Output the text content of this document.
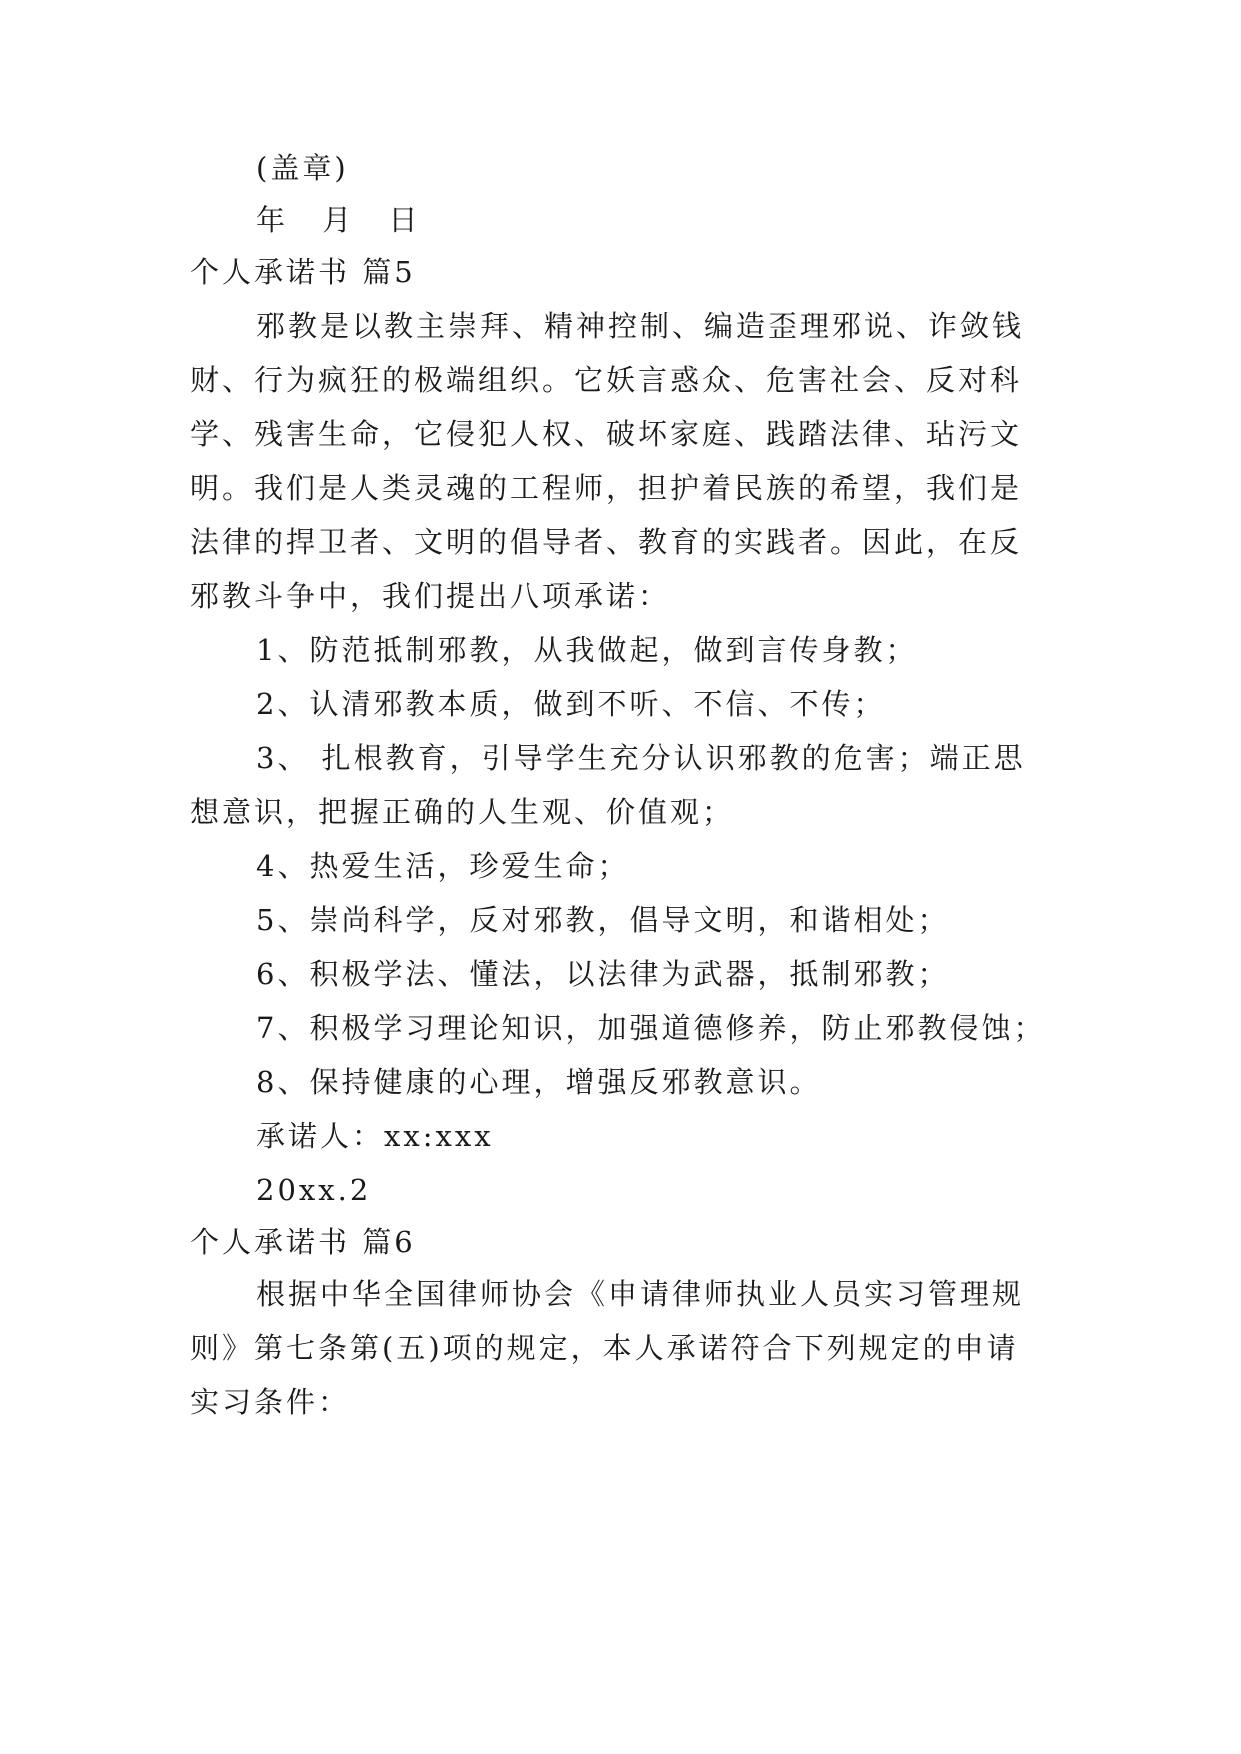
(盖章)
年 月 日
个人承诺书 篇5
邪教是以教主崇拜、精神控制、编造歪理邪说、诈敛钱
财、行为疯狂的极端组织。它妖言惑众、危害社会、反对科
学、残害生命，它侵犯人权、破坏家庭、践踏法律、玷污文
明。我们是人类灵魂的工程师，担护着民族的希望，我们是
法律的捍卫者、文明的倡导者、教育的实践者。因此，在反
邪教斗争中，我们提出八项承诺：
1、防范抵制邪教，从我做起，做到言传身教；
2、认清邪教本质，做到不听、不信、不传；
3、 扎根教育，引导学生充分认识邪教的危害；端正思
想意识，把握正确的人生观、价值观；
4、热爱生活，珍爱生命；
5、崇尚科学，反对邪教，倡导文明，和谐相处；
6、积极学法、懂法，以法律为武器，抵制邪教；
7、积极学习理论知识，加强道德修养，防止邪教侵蚀；
8、保持健康的心理，增强反邪教意识。
承诺人：xx:xxx
20xx.2
个人承诺书 篇6
根据中华全国律师协会《申请律师执业人员实习管理规
则》第七条第(五)项的规定，本人承诺符合下列规定的申请
实习条件：
